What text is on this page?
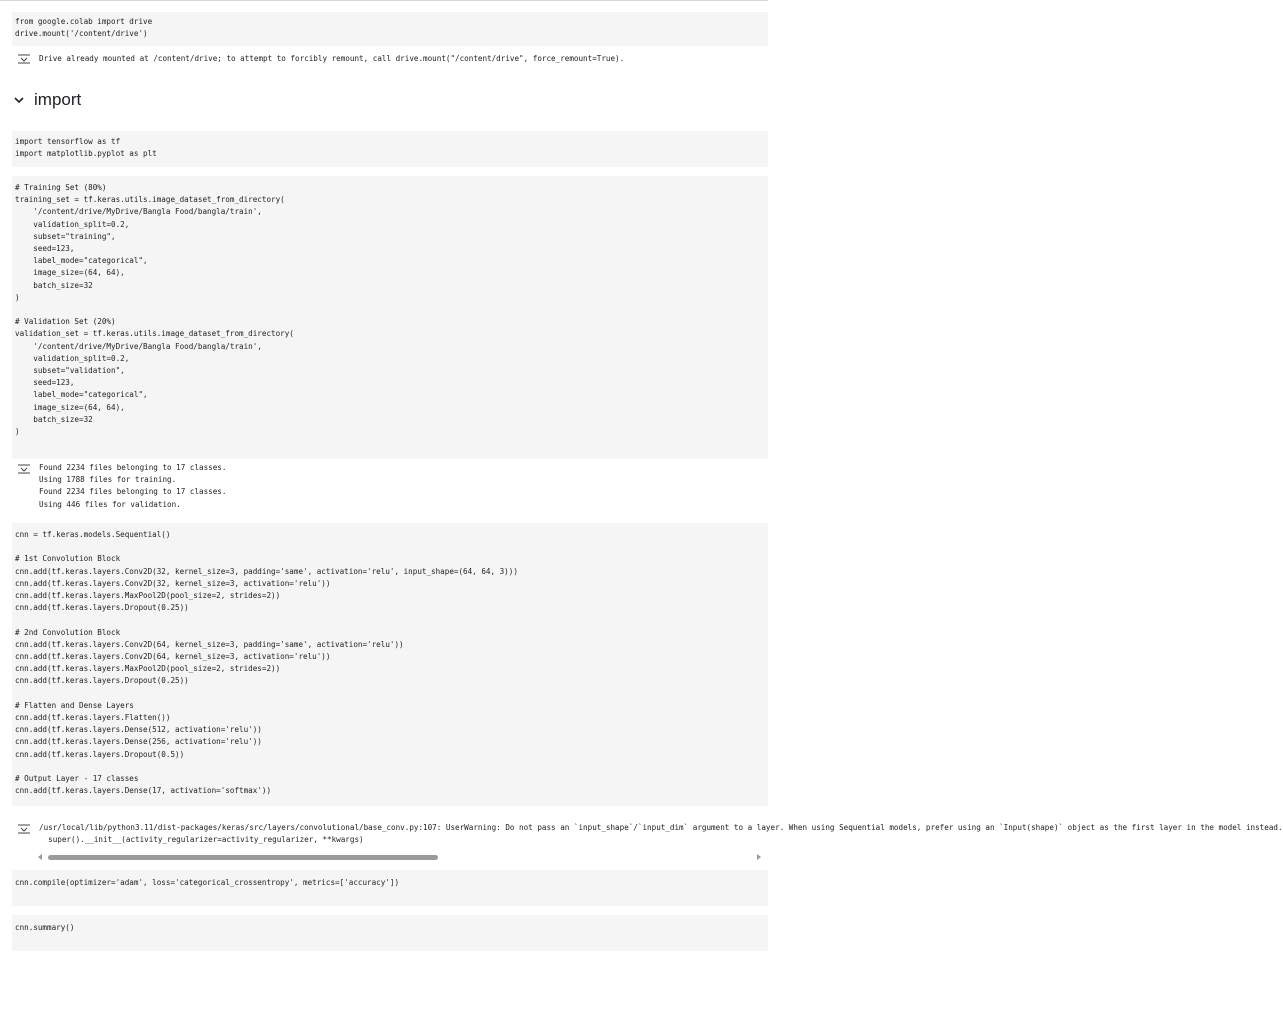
from google.colab import drive
drive.mount('/content/drive')
Drive already mounted at /content/drive; to attempt to forcibly remount, call drive.mount("/content/drive", force_remount=True).
import
import tensorflow as tf
import matplotlib.pyplot as plt
# Training Set (80%)
training_set = tf.keras.utils.image_dataset_from_directory(
'/content/drive/MyDrive/Bangla Food/bangla/train',
validation_split=0.2,
subset="training",
seed=123,
label_mode="categorical",
image_size=(64, 64),
batch_size=32
)

# Validation Set (20%)
validation_set = tf.keras.utils.image_dataset_from_directory(
'/content/drive/MyDrive/Bangla Food/bangla/train',
validation_split=0.2,
subset="validation",
seed=123,
label_mode="categorical",
image_size=(64, 64),
batch_size=32
)
Found 2234 files belonging to 17 classes.
Using 1788 files for training.
Found 2234 files belonging to 17 classes.
Using 446 files for validation.
cnn = tf.keras.models.Sequential()

# 1st Convolution Block
cnn.add(tf.keras.layers.Conv2D(32, kernel_size=3, padding='same', activation='relu', input_shape=(64, 64, 3)))
cnn.add(tf.keras.layers.Conv2D(32, kernel_size=3, activation='relu'))
cnn.add(tf.keras.layers.MaxPool2D(pool_size=2, strides=2))
cnn.add(tf.keras.layers.Dropout(0.25))

# 2nd Convolution Block
cnn.add(tf.keras.layers.Conv2D(64, kernel_size=3, padding='same', activation='relu'))
cnn.add(tf.keras.layers.Conv2D(64, kernel_size=3, activation='relu'))
cnn.add(tf.keras.layers.MaxPool2D(pool_size=2, strides=2))
cnn.add(tf.keras.layers.Dropout(0.25))

# Flatten and Dense Layers
cnn.add(tf.keras.layers.Flatten())
cnn.add(tf.keras.layers.Dense(512, activation='relu'))
cnn.add(tf.keras.layers.Dense(256, activation='relu'))
cnn.add(tf.keras.layers.Dropout(0.5))

# Output Layer - 17 classes
cnn.add(tf.keras.layers.Dense(17, activation='softmax'))
/usr/local/lib/python3.11/dist-packages/keras/src/layers/convolutional/base_conv.py:107: UserWarning: Do not pass an `input_shape`/`input_dim` argument to a layer. When using Sequential models, prefer using an `Input(shape)` object as the first layer in the model instead.
super().__init__(activity_regularizer=activity_regularizer, **kwargs)
cnn.compile(optimizer='adam', loss='categorical_crossentropy', metrics=['accuracy'])
cnn.summary()
